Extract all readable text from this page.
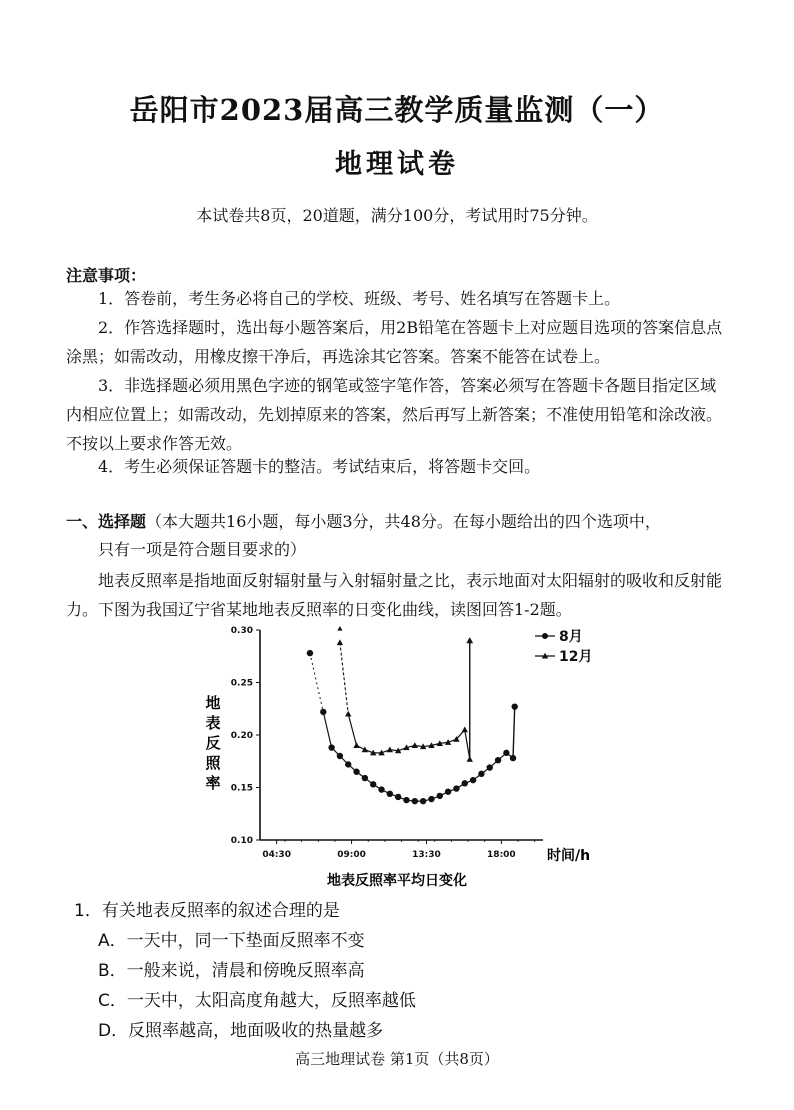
岳阳市2023届高三教学质量监测（一）
地理试卷
本试卷共8页，20道题，满分100分，考试用时75分钟。
注意事项：
1．答卷前，考生务必将自己的学校、班级、考号、姓名填写在答题卡上。
2．作答选择题时，选出每小题答案后，用2B铅笔在答题卡上对应题目选项的答案信息点涂黑；如需改动，用橡皮擦干净后，再选涂其它答案。答案不能答在试卷上。
3．非选择题必须用黑色字迹的钢笔或签字笔作答，答案必须写在答题卡各题目指定区域内相应位置上；如需改动，先划掉原来的答案，然后再写上新答案；不准使用铅笔和涂改液。不按以上要求作答无效。
4．考生必须保证答题卡的整洁。考试结束后，将答题卡交回。
一、选择题（本大题共16小题，每小题3分，共48分。在每小题给出的四个选项中，
只有一项是符合题目要求的）
地表反照率是指地面反射辐射量与入射辐射量之比，表示地面对太阳辐射的吸收和反射能力。下图为我国辽宁省某地地表反照率的日变化曲线，读图回答1-2题。
0.10
0.15
0.20
0.25
0.30
04:30	09:00	13:30	18:00
8月
12月
地表反照率
时间/h
地表反照率平均日变化
1．有关地表反照率的叙述合理的是
A．一天中，同一下垫面反照率不变
B．一般来说，清晨和傍晚反照率高
C．一天中，太阳高度角越大，反照率越低
D．反照率越高，地面吸收的热量越多
高三地理试卷 第1页（共8页）
